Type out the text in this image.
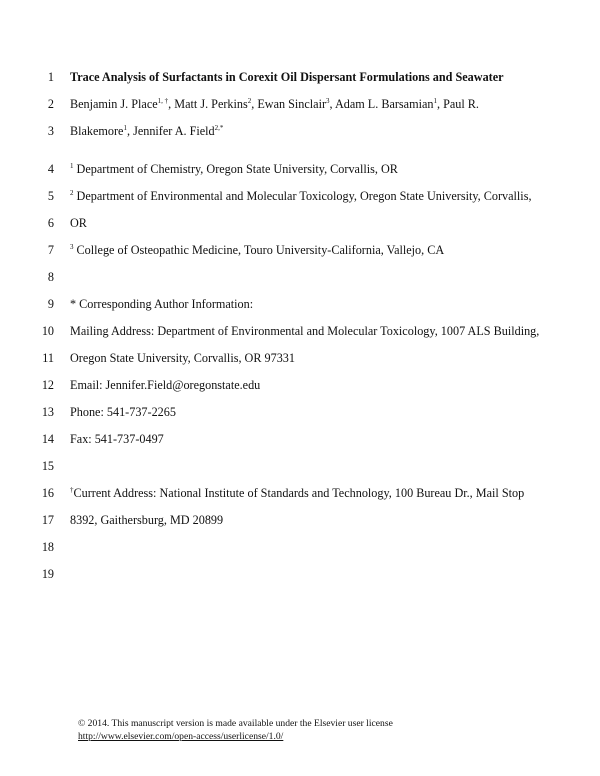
1 Trace Analysis of Surfactants in Corexit Oil Dispersant Formulations and Seawater
2 Benjamin J. Place$^{1, \dagger}$, Matt J. Perkins$^2$, Ewan Sinclair$^3$, Adam L. Barsamian$^1$, Paul R.
3 Blakemore$^1$, Jennifer A. Field$^{2,*}$
4 $^1$ Department of Chemistry, Oregon State University, Corvallis, OR
5 $^2$ Department of Environmental and Molecular Toxicology, Oregon State University, Corvallis,
6 OR
7 $^3$ College of Osteopathic Medicine, Touro University-California, Vallejo, CA
8
9 * Corresponding Author Information:
10 Mailing Address: Department of Environmental and Molecular Toxicology, 1007 ALS Building,
11 Oregon State University, Corvallis, OR 97331
12 Email: Jennifer.Field@oregonstate.edu
13 Phone: 541-737-2265
14 Fax: 541-737-0497
15
16 †Current Address: National Institute of Standards and Technology, 100 Bureau Dr., Mail Stop
17 8392, Gaithersburg, MD 20899
18
19
© 2014. This manuscript version is made available under the Elsevier user license
http://www.elsevier.com/open-access/userlicense/1.0/
